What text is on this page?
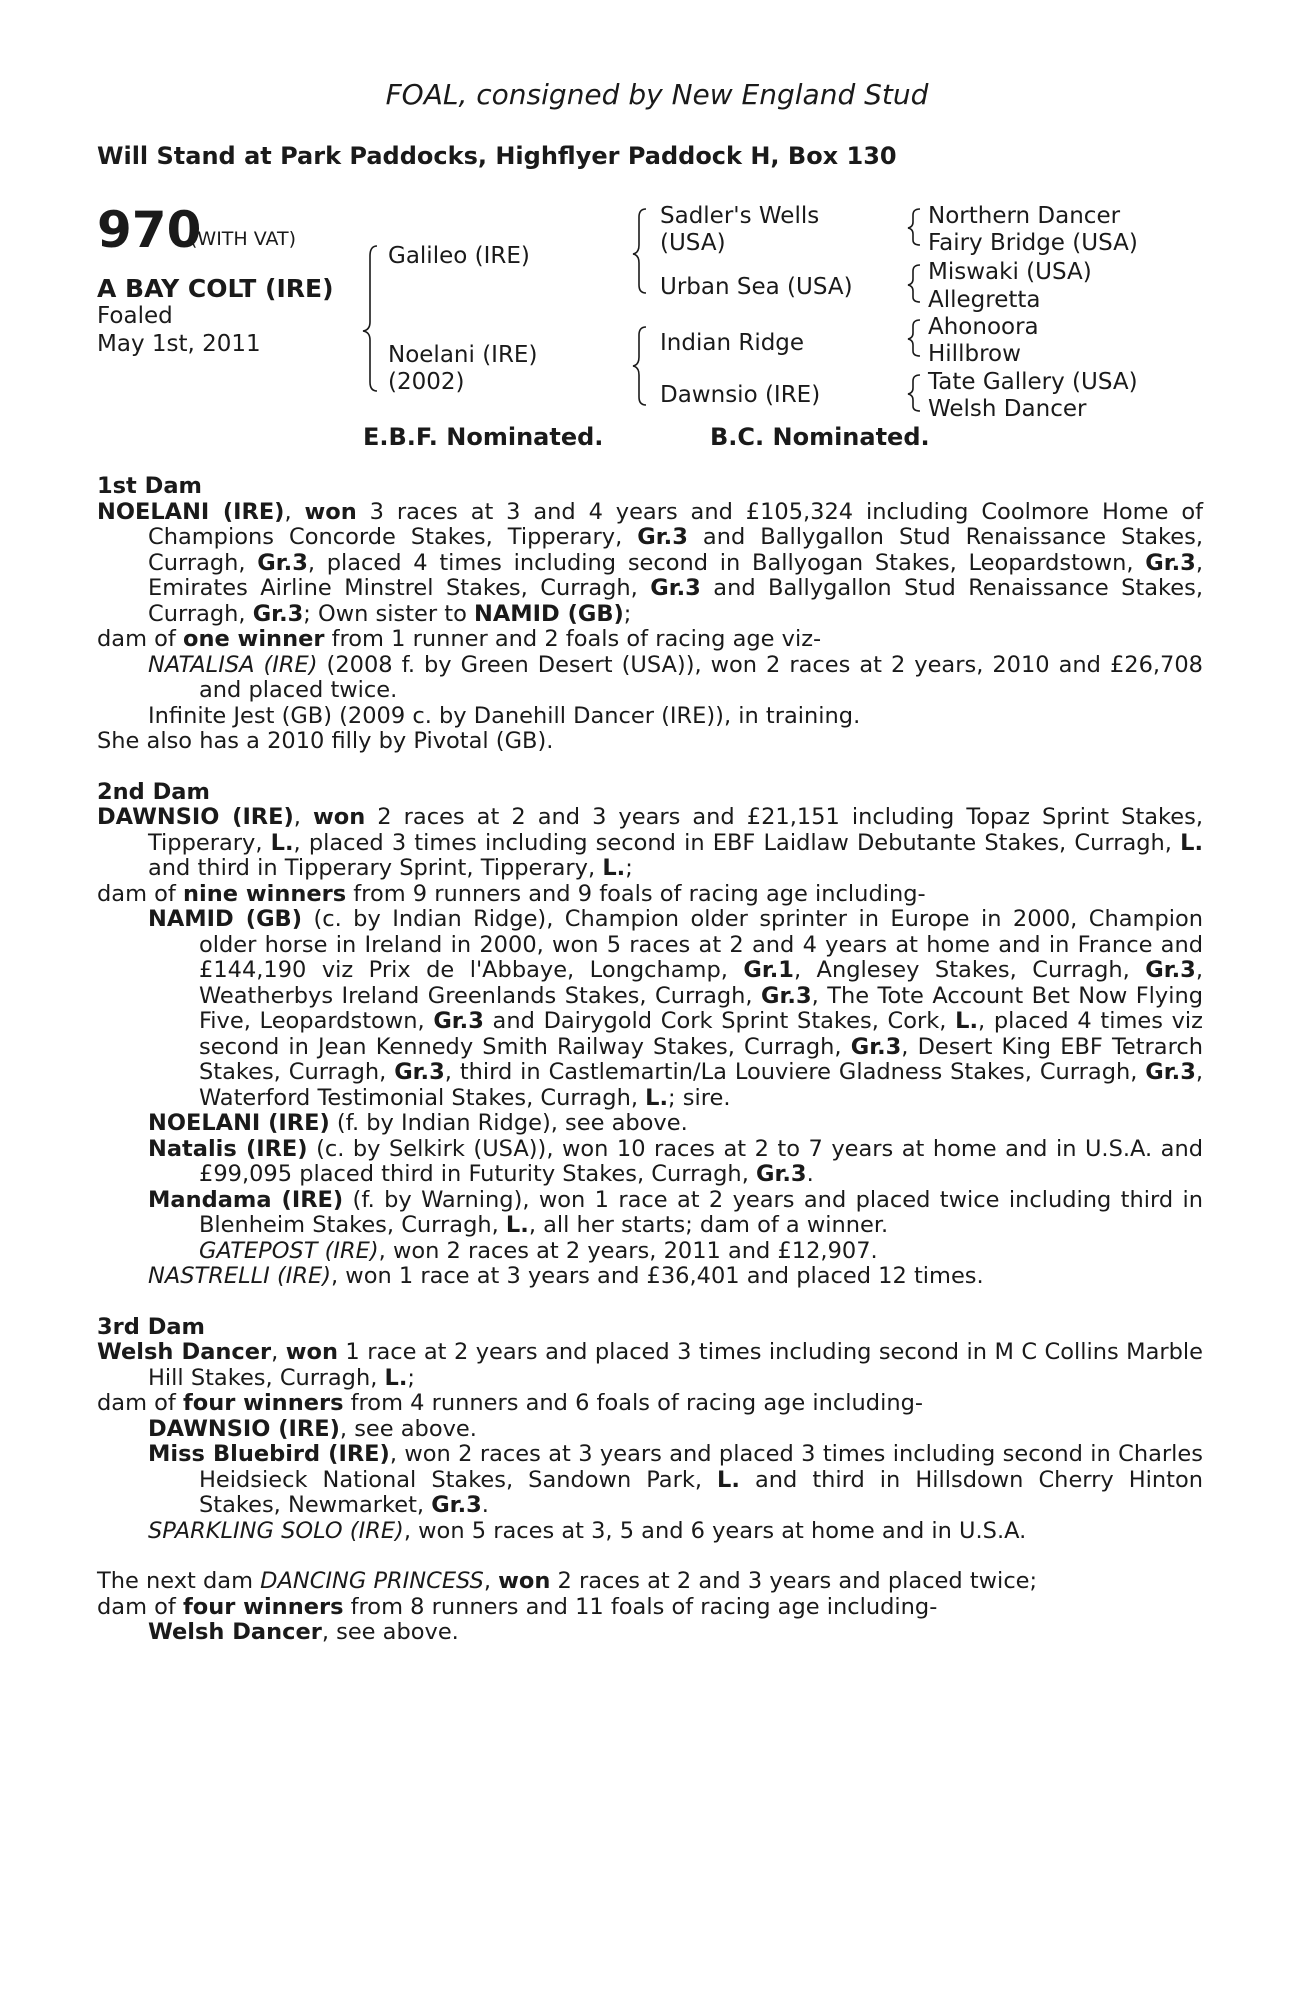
FOAL, consigned by New England Stud
Will Stand at Park Paddocks, Highflyer Paddock H, Box 130
970
(WITH VAT)
A BAY COLT (IRE)
Foaled
May 1st, 2011
Galileo (IRE)
Noelani (IRE)
(2002)
Sadler's Wells
(USA)
Urban Sea (USA)
Indian Ridge
Dawnsio (IRE)
Northern Dancer
Fairy Bridge (USA)
Miswaki (USA)
Allegretta
Ahonoora
Hillbrow
Tate Gallery (USA)
Welsh Dancer
E.B.F. Nominated.	B.C. Nominated.

1st Dam

NOELANI (IRE), won 3 races at 3 and 4 years and £105,324 including Coolmore Home of Champions Concorde Stakes, Tipperary, Gr.3 and Ballygallon Stud Renaissance Stakes, Curragh, Gr.3, placed 4 times including second in Ballyogan Stakes, Leopardstown, Gr.3, Emirates Airline Minstrel Stakes, Curragh, Gr.3 and Ballygallon Stud Renaissance Stakes, Curragh, Gr.3; Own sister to NAMID (GB);

dam of one winner from 1 runner and 2 foals of racing age viz-

NATALISA (IRE) (2008 f. by Green Desert (USA)), won 2 races at 2 years, 2010 and £26,708 and placed twice.

Infinite Jest (GB) (2009 c. by Danehill Dancer (IRE)), in training.

She also has a 2010 filly by Pivotal (GB).

2nd Dam

DAWNSIO (IRE), won 2 races at 2 and 3 years and £21,151 including Topaz Sprint Stakes, Tipperary, L., placed 3 times including second in EBF Laidlaw Debutante Stakes, Curragh, L. and third in Tipperary Sprint, Tipperary, L.;

dam of nine winners from 9 runners and 9 foals of racing age including-

NAMID (GB) (c. by Indian Ridge), Champion older sprinter in Europe in 2000, Champion older horse in Ireland in 2000, won 5 races at 2 and 4 years at home and in France and £144,190 viz Prix de l'Abbaye, Longchamp, Gr.1, Anglesey Stakes, Curragh, Gr.3, Weatherbys Ireland Greenlands Stakes, Curragh, Gr.3, The Tote Account Bet Now Flying Five, Leopardstown, Gr.3 and Dairygold Cork Sprint Stakes, Cork, L., placed 4 times viz second in Jean Kennedy Smith Railway Stakes, Curragh, Gr.3, Desert King EBF Tetrarch Stakes, Curragh, Gr.3, third in Castlemartin/La Louviere Gladness Stakes, Curragh, Gr.3, Waterford Testimonial Stakes, Curragh, L.; sire.

NOELANI (IRE) (f. by Indian Ridge), see above.

Natalis (IRE) (c. by Selkirk (USA)), won 10 races at 2 to 7 years at home and in U.S.A. and £99,095 placed third in Futurity Stakes, Curragh, Gr.3.

Mandama (IRE) (f. by Warning), won 1 race at 2 years and placed twice including third in Blenheim Stakes, Curragh, L., all her starts; dam of a winner.

GATEPOST (IRE), won 2 races at 2 years, 2011 and £12,907.

NASTRELLI (IRE), won 1 race at 3 years and £36,401 and placed 12 times.

3rd Dam

Welsh Dancer, won 1 race at 2 years and placed 3 times including second in M C Collins Marble Hill Stakes, Curragh, L.;

dam of four winners from 4 runners and 6 foals of racing age including-

DAWNSIO (IRE), see above.

Miss Bluebird (IRE), won 2 races at 3 years and placed 3 times including second in Charles Heidsieck National Stakes, Sandown Park, L. and third in Hillsdown Cherry Hinton Stakes, Newmarket, Gr.3.

SPARKLING SOLO (IRE), won 5 races at 3, 5 and 6 years at home and in U.S.A.

The next dam DANCING PRINCESS, won 2 races at 2 and 3 years and placed twice;

dam of four winners from 8 runners and 11 foals of racing age including-

Welsh Dancer, see above.
